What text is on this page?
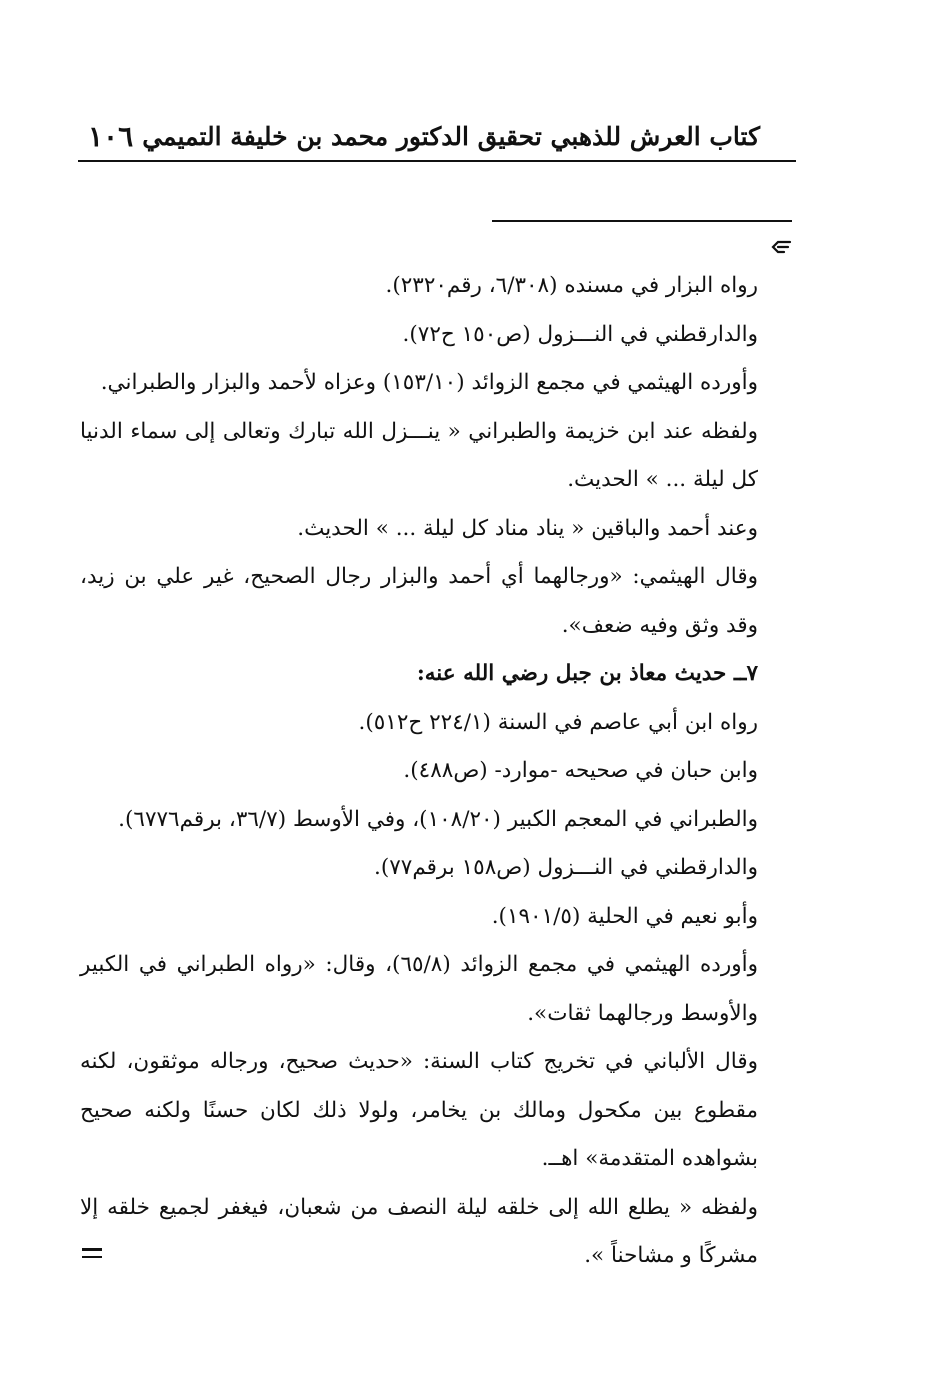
كتاب العرش للذهبي تحقيق الدكتور محمد بن خليفة التميمي
١٠٦

رواه البزار في مسنده (٦/٣٠٨، رقم٢٣٢٠).

والدارقطني في النـــزول (ص١٥٠ ح٧٢).

وأورده الهيثمي في مجمع الزوائد (١٥٣/١٠) وعزاه لأحمد والبزار والطبراني.

ولفظه عند ابن خزيمة والطبراني « ينـــزل الله تبارك وتعالى إلى سماء الدنيا كل ليلة ... » الحديث.

وعند أحمد والباقين « يناد مناد كل ليلة ... » الحديث.

وقال الهيثمي: «ورجالهما أي أحمد والبزار رجال الصحيح، غير علي بن زيد، وقد وثق وفيه ضعف».

٧ــ حديث معاذ بن جبل رضي الله عنه:

رواه ابن أبي عاصم في السنة (٢٢٤/١ ح٥١٢).

وابن حبان في صحيحه -موارد- (ص٤٨٨).

والطبراني في المعجم الكبير (١٠٨/٢٠)، وفي الأوسط (٣٦/٧، برقم٦٧٧٦).

والدارقطني في النـــزول (ص١٥٨ برقم٧٧).

وأبو نعيم في الحلية (١٩٠١/٥).

وأورده الهيثمي في مجمع الزوائد (٦٥/٨)، وقال: «رواه الطبراني في الكبير والأوسط ورجالهما ثقات».

وقال الألباني في تخريج كتاب السنة: «حديث صحيح، ورجاله موثقون، لكنه مقطوع بين مكحول ومالك بن يخامر، ولولا ذلك لكان حسنًا ولكنه صحيح بشواهده المتقدمة» اهــ.

ولفظه « يطلع الله إلى خلقه ليلة النصف من شعبان، فيغفر لجميع خلقه إلا مشركًا و مشاحناً ».
